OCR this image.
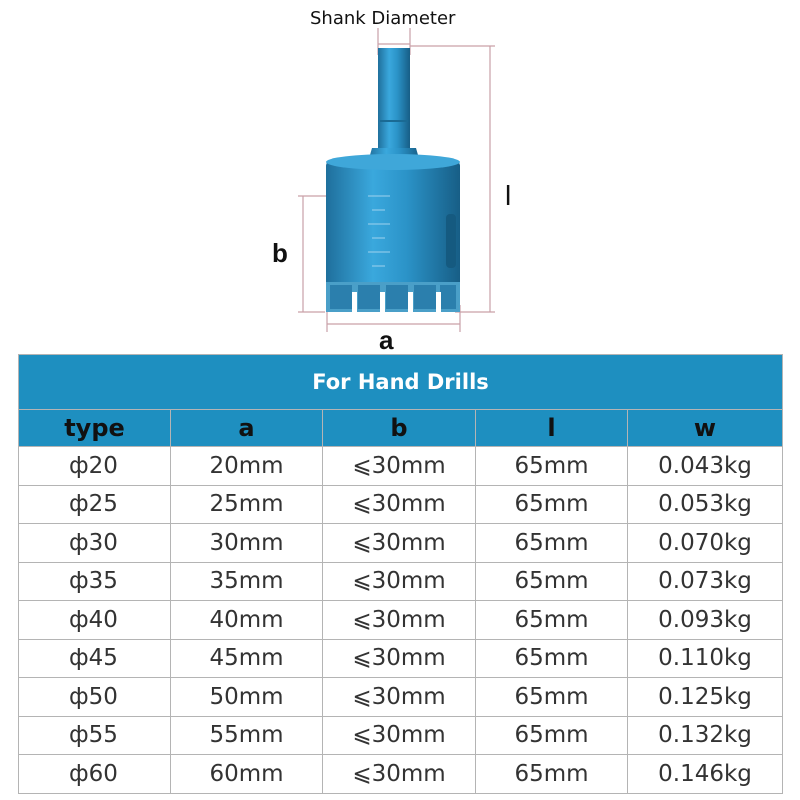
Shank Diameter
l
b
a
For Hand Drills				
type	a	b	l	w
ф20	20mm	⩽30mm	65mm	0.043kg
ф25	25mm	⩽30mm	65mm	0.053kg
ф30	30mm	⩽30mm	65mm	0.070kg
ф35	35mm	⩽30mm	65mm	0.073kg
ф40	40mm	⩽30mm	65mm	0.093kg
ф45	45mm	⩽30mm	65mm	0.110kg
ф50	50mm	⩽30mm	65mm	0.125kg
ф55	55mm	⩽30mm	65mm	0.132kg
ф60	60mm	⩽30mm	65mm	0.146kg
